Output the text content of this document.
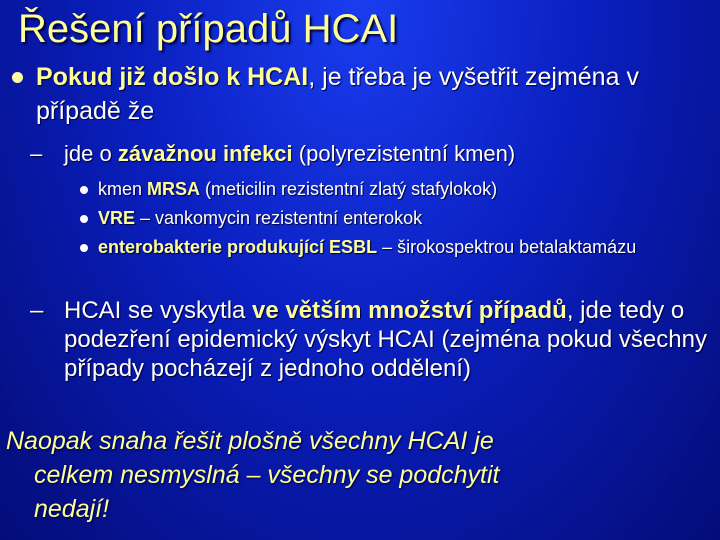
Řešení případů HCAI
Pokud již došlo k HCAI, je třeba je vyšetřit zejména v případě že
– jde o závažnou infekci (polyrezistentní kmen)
kmen MRSA (meticilin rezistentní zlatý stafylokok)
VRE – vankomycin rezistentní enterokok
enterobakterie produkující ESBL – širokospektrou betalaktamázu
– HCAI se vyskytla ve větším množství případů, jde tedy o podezření epidemický výskyt HCAI (zejména pokud všechny případy pocházejí z jednoho oddělení)
Naopak snaha řešit plošně všechny HCAI je
celkem nesmyslná – všechny se podchytit
nedají!
